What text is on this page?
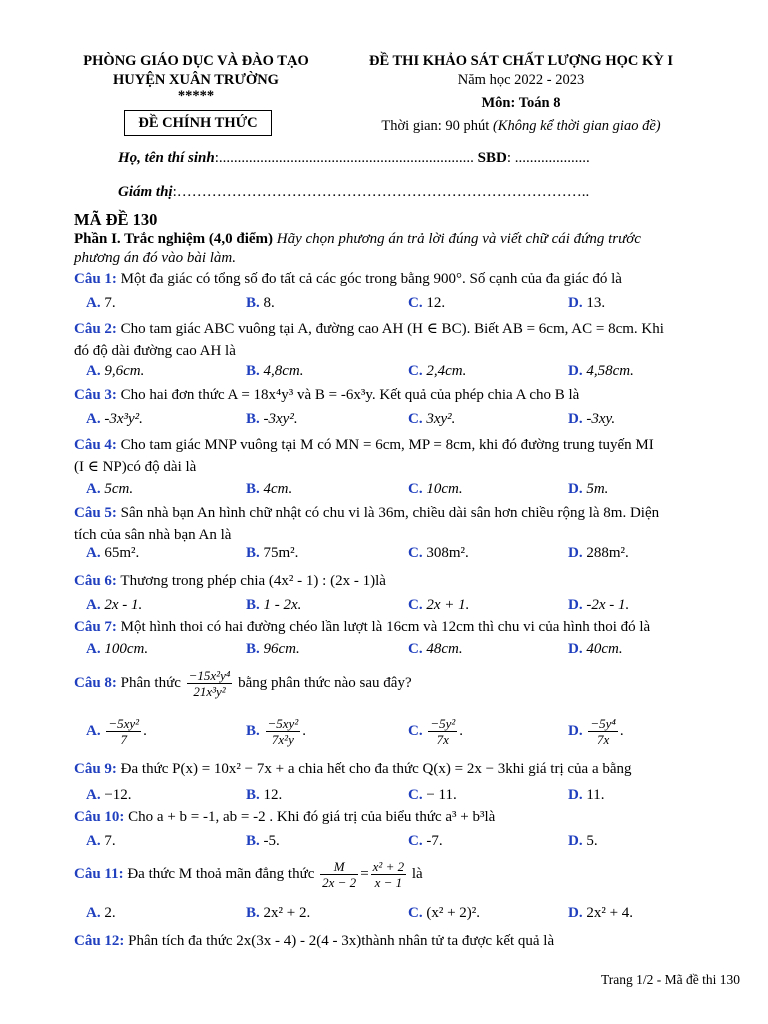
PHÒNG GIÁO DỤC VÀ ĐÀO TẠO
HUYỆN XUÂN TRƯỜNG
*****
ĐỀ CHÍNH THỨC
ĐỀ THI KHẢO SÁT CHẤT LƯỢNG HỌC KỲ I
Năm học 2022 - 2023
Môn: Toán 8
Thời gian: 90 phút (Không kể thời gian giao đề)
Họ, tên thí sinh:.................................................................... SBD: ....................
Giám thị:………………………………………………………………………..
MÃ ĐỀ 130
Phần I. Trắc nghiệm (4,0 điểm) Hãy chọn phương án trả lời đúng và viết chữ cái đứng trước
phương án đó vào bài làm.
Câu 1: Một đa giác có tổng số đo tất cả các góc trong bằng 900°. Số cạnh của đa giác đó là
A. 7.	B. 8.	C. 12.	D. 13.
Câu 2: Cho tam giác ABC vuông tại A, đường cao AH (H ∈ BC). Biết AB = 6cm, AC = 8cm. Khi
đó độ dài đường cao AH là
A. 9,6cm.	B. 4,8cm.	C. 2,4cm.	D. 4,58cm.
Câu 3: Cho hai đơn thức A = 18x⁴y³ và B = -6x³y. Kết quả của phép chia A cho B là
A. -3x³y².	B. -3xy².	C. 3xy².	D. -3xy.
Câu 4: Cho tam giác MNP vuông tại M có MN = 6cm, MP = 8cm, khi đó đường trung tuyến MI
(I ∈ NP)có độ dài là
A. 5cm.	B. 4cm.	C. 10cm.	D. 5m.
Câu 5: Sân nhà bạn An hình chữ nhật có chu vi là 36m, chiều dài sân hơn chiều rộng là 8m. Diện
tích của sân nhà bạn An là
A. 65m².	B. 75m².	C. 308m².	D. 288m².
Câu 6: Thương trong phép chia (4x² - 1) : (2x - 1)là
A. 2x - 1.	B. 1 - 2x.	C. 2x + 1.	D. -2x - 1.
Câu 7: Một hình thoi có hai đường chéo lần lượt là 16cm và 12cm thì chu vi của hình thoi đó là
A. 100cm.	B. 96cm.	C. 48cm.	D. 40cm.
Câu 8: Phân thức $\frac{\text{−15x²y⁴}}{\text{21x³y²}}$ bằng phân thức nào sau đây?
A. $\frac{\text{−5xy²}}{7}$ .	B. $\frac{\text{−5xy²}}{\text{7x²y}}$ .	C. $\frac{\text{−5y²}}{7x}$ .	D. $\frac{\text{−5y⁴}}{7x}$ .
Câu 9: Đa thức P(x) = 10x² − 7x + a chia hết cho đa thức Q(x) = 2x − 3khi giá trị của a bằng
A. −12.	B. 12.	C. − 11.	D. 11.
Câu 10: Cho a + b = -1, ab = -2 . Khi đó giá trị của biểu thức a³ + b³là
A. 7.	B. -5.	C. -7.	D. 5.
Câu 11: Đa thức M thoả mãn đẳng thức $\frac{M}{2x - 2} = \frac{\text{x² + 2}}{x - 1}$ là
A. 2.	B. 2x² + 2.	C. (x² + 2)².	D. 2x² + 4.
Câu 12: Phân tích đa thức 2x(3x - 4) - 2(4 - 3x)thành nhân tử ta được kết quả là
Trang 1/2 - Mã đề thi 130
